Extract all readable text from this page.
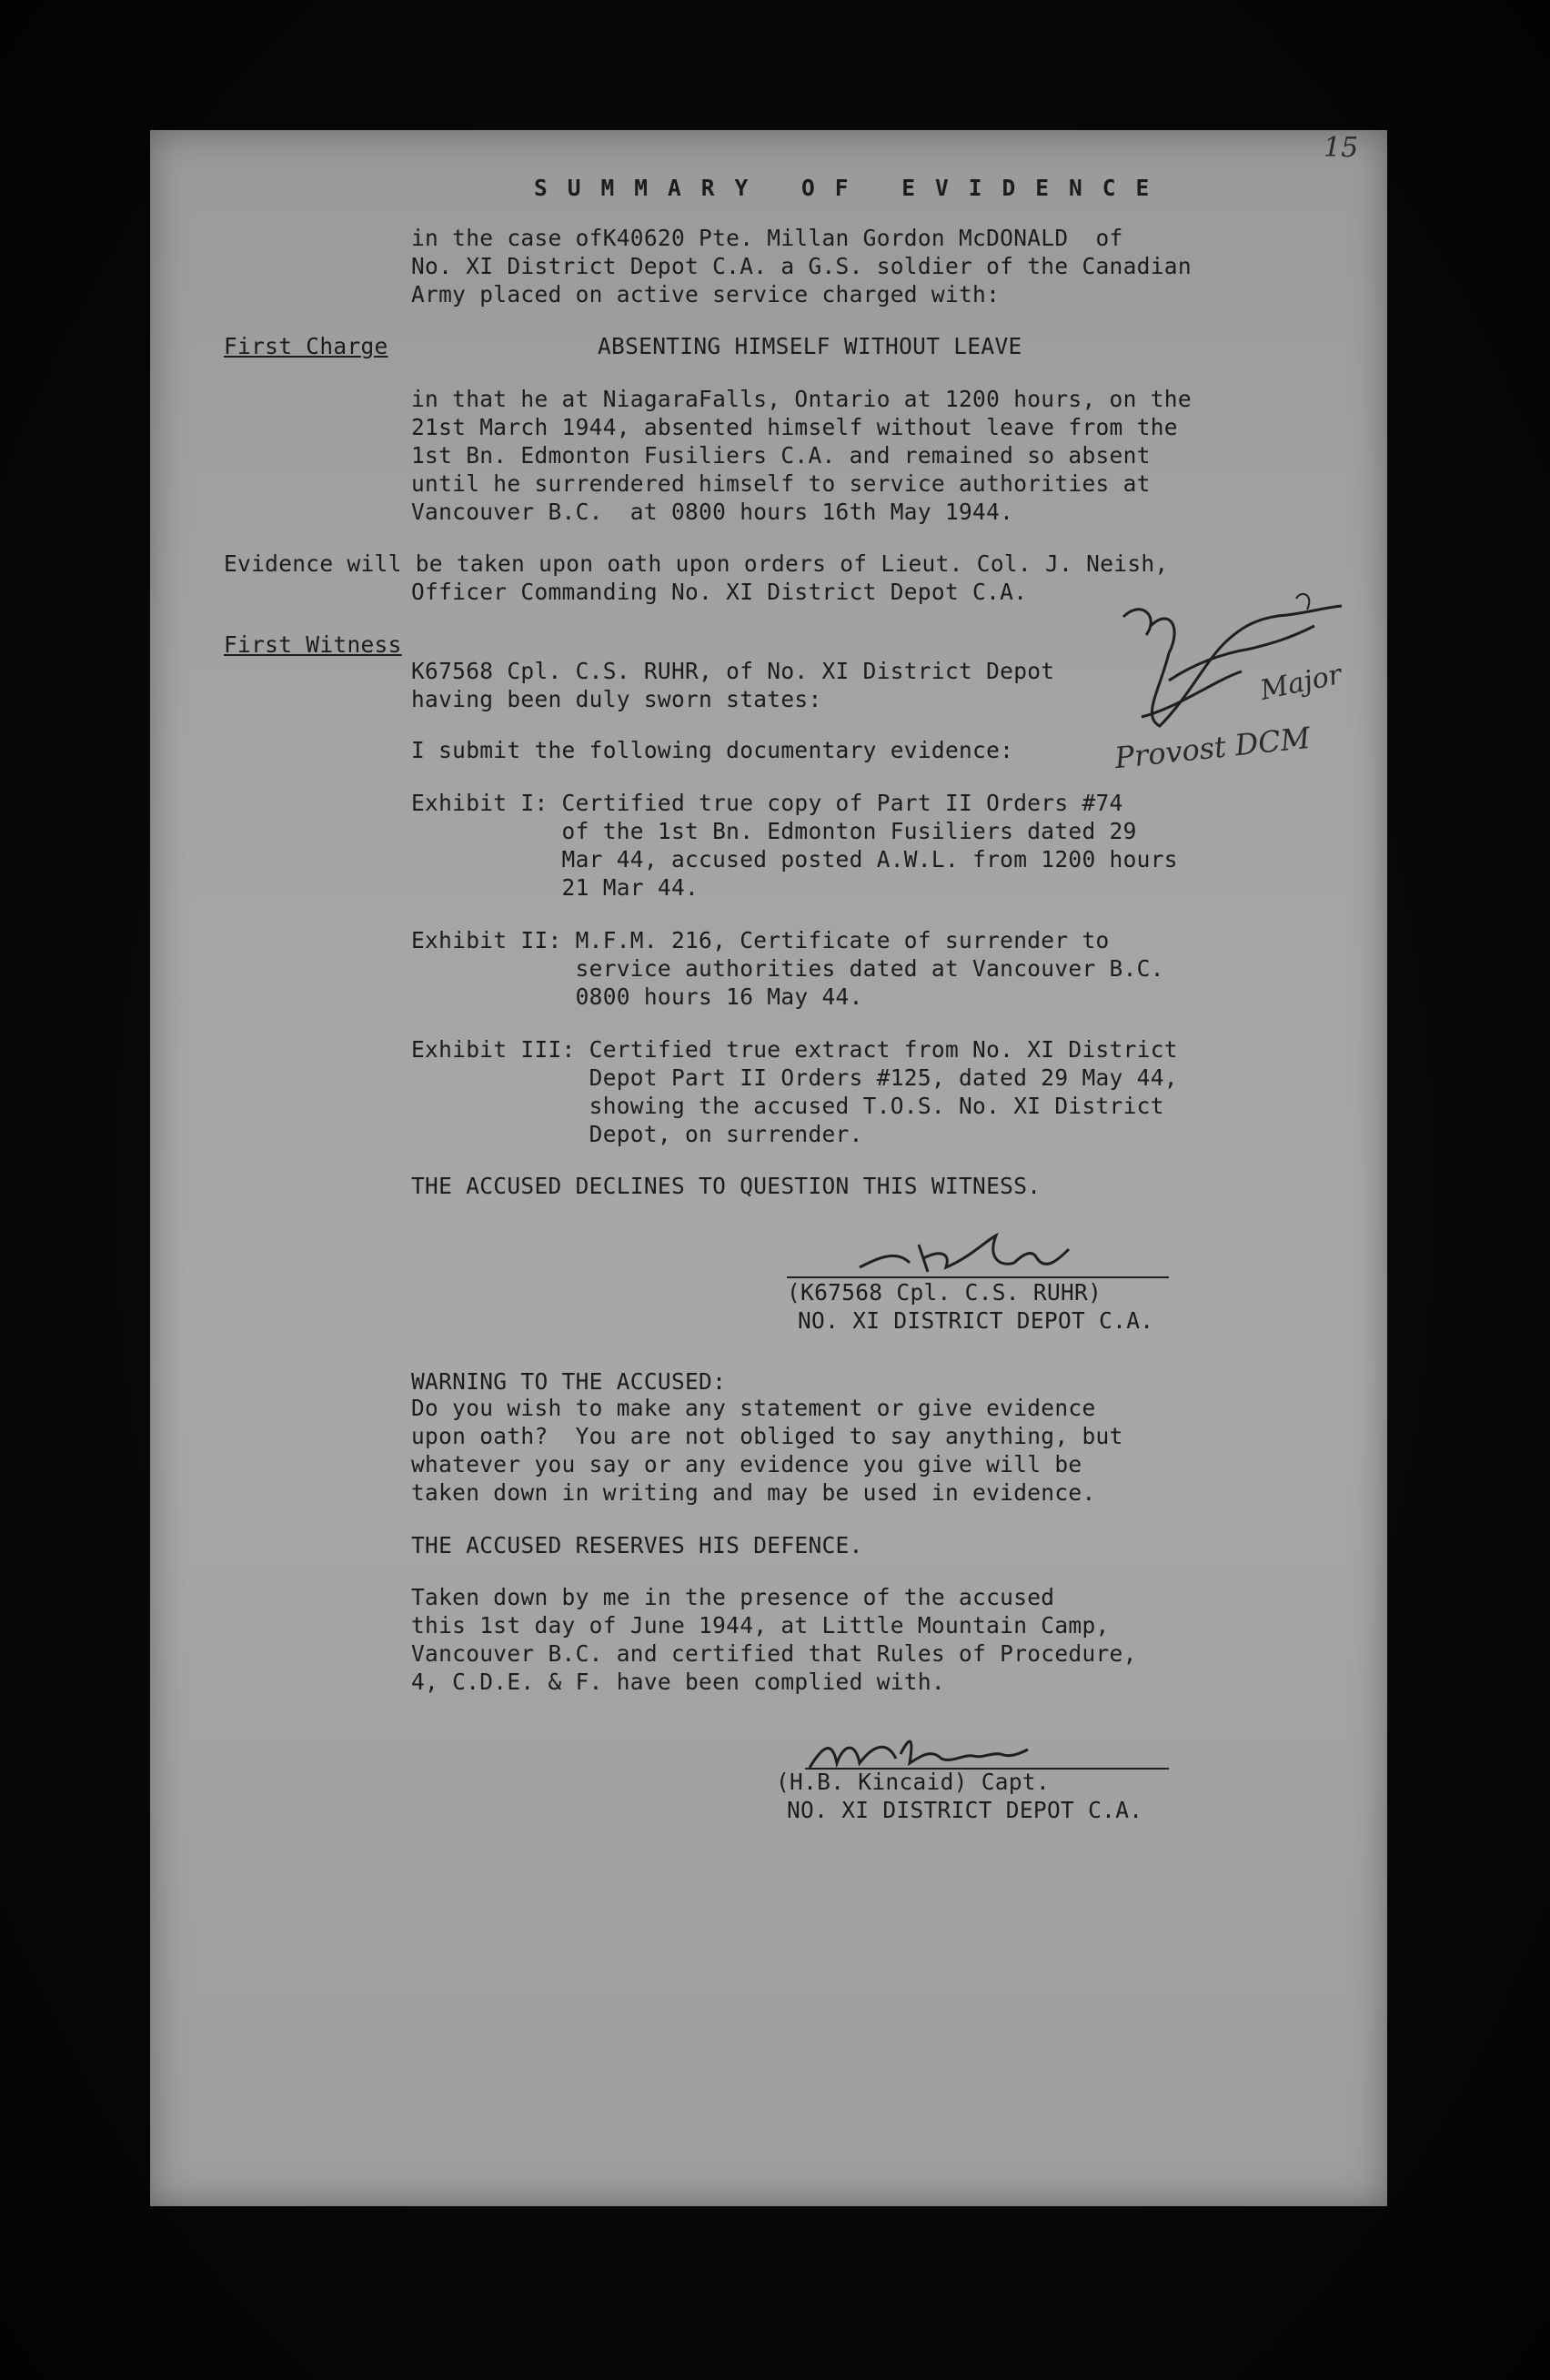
15
SUMMARY OF EVIDENCE
in the case ofK40620 Pte. Millan Gordon McDONALD  of
No. XI District Depot C.A. a G.S. soldier of the Canadian
Army placed on active service charged with:
First Charge	ABSENTING HIMSELF WITHOUT LEAVE
in that he at NiagaraFalls, Ontario at 1200 hours, on the
21st March 1944, absented himself without leave from the
1st Bn. Edmonton Fusiliers C.A. and remained so absent
until he surrendered himself to service authorities at
Vancouver B.C.  at 0800 hours 16th May 1944.
Evidence will be taken upon oath upon orders of Lieut. Col. J. Neish,
Officer Commanding No. XI District Depot C.A.
First Witness
K67568 Cpl. C.S. RUHR, of No. XI District Depot
having been duly sworn states:	Major
I submit the following documentary evidence:	Provost DCM
Exhibit I: Certified true copy of Part II Orders #74
of the 1st Bn. Edmonton Fusiliers dated 29
Mar 44, accused posted A.W.L. from 1200 hours
21 Mar 44.
Exhibit II: M.F.M. 216, Certificate of surrender to
service authorities dated at Vancouver B.C.
0800 hours 16 May 44.
Exhibit III: Certified true extract from No. XI District
Depot Part II Orders #125, dated 29 May 44,
showing the accused T.O.S. No. XI District
Depot, on surrender.
THE ACCUSED DECLINES TO QUESTION THIS WITNESS.
(K67568 Cpl. C.S. RUHR)
NO. XI DISTRICT DEPOT C.A.
WARNING TO THE ACCUSED:
Do you wish to make any statement or give evidence
upon oath?  You are not obliged to say anything, but
whatever you say or any evidence you give will be
taken down in writing and may be used in evidence.
THE ACCUSED RESERVES HIS DEFENCE.
Taken down by me in the presence of the accused
this 1st day of June 1944, at Little Mountain Camp,
Vancouver B.C. and certified that Rules of Procedure,
4, C.D.E. & F. have been complied with.
(H.B. Kincaid) Capt.
NO. XI DISTRICT DEPOT C.A.
